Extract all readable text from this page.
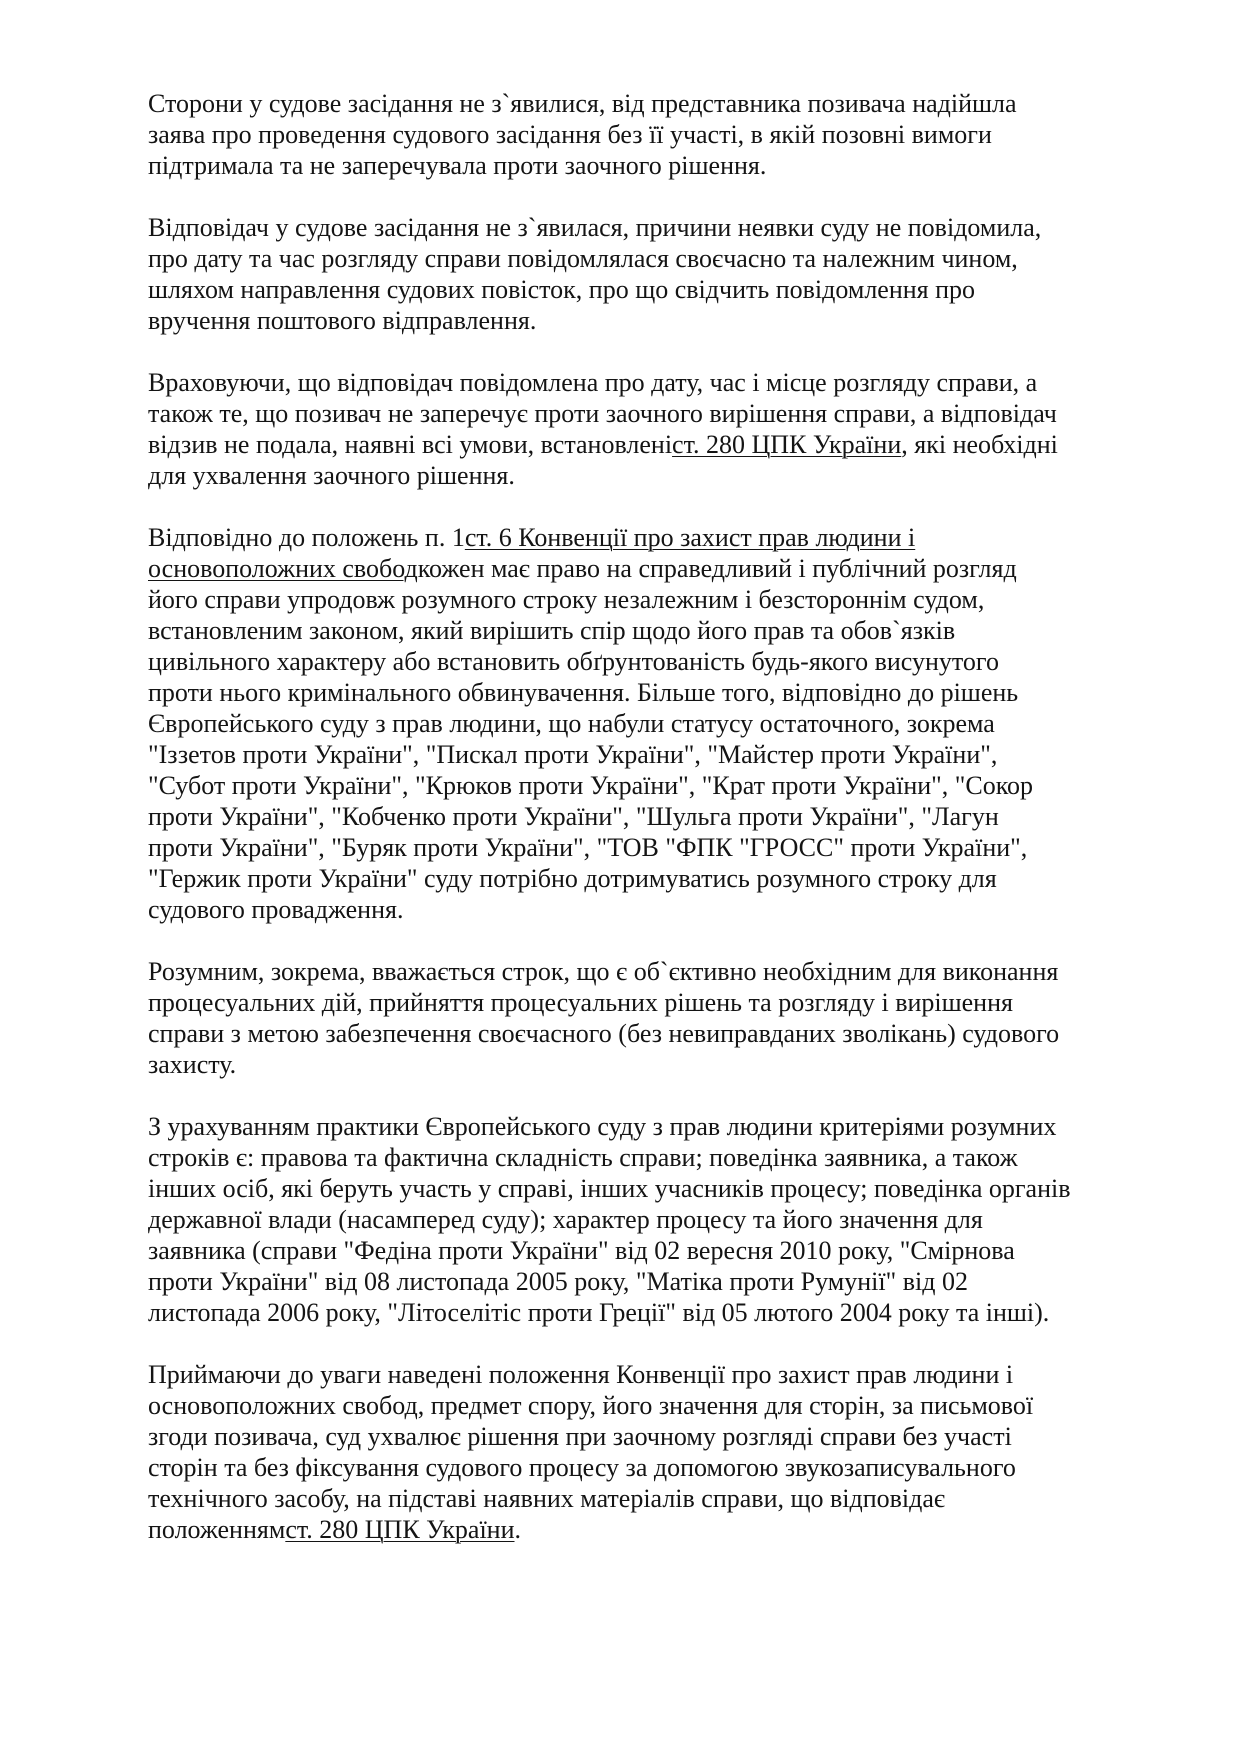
Сторони у судове засідання не з`явилися, від представника позивача надійшла
заява про проведення судового засідання без її участі, в якій позовні вимоги
підтримала та не заперечувала проти заочного рішення.
Відповідач у судове засідання не з`явилася, причини неявки суду не повідомила,
про дату та час розгляду справи повідомлялася своєчасно та належним чином,
шляхом направлення судових повісток, про що свідчить повідомлення про
вручення поштового відправлення.
Враховуючи, що відповідач повідомлена про дату, час і місце розгляду справи, а
також те, що позивач не заперечує проти заочного вирішення справи, а відповідач
відзив не подала, наявні всі умови, встановленіст. 280 ЦПК України, які необхідні
для ухвалення заочного рішення.
Відповідно до положень п. 1ст. 6 Конвенції про захист прав людини і
основоположних свободкожен має право на справедливий і публічний розгляд
його справи упродовж розумного строку незалежним і безстороннім судом,
встановленим законом, який вирішить спір щодо його прав та обов`язків
цивільного характеру або встановить обґрунтованість будь-якого висунутого
проти нього кримінального обвинувачення. Більше того, відповідно до рішень
Європейського суду з прав людини, що набули статусу остаточного, зокрема
"Іззетов проти України", "Пискал проти України", "Майстер проти України",
"Субот проти України", "Крюков проти України", "Крат проти України", "Сокор
проти України", "Кобченко проти України", "Шульга проти України", "Лагун
проти України", "Буряк проти України", "ТОВ "ФПК "ГРОСС" проти України",
"Гержик проти України" суду потрібно дотримуватись розумного строку для
судового провадження.
Розумним, зокрема, вважається строк, що є об`єктивно необхідним для виконання
процесуальних дій, прийняття процесуальних рішень та розгляду і вирішення
справи з метою забезпечення своєчасного (без невиправданих зволікань) судового
захисту.
З урахуванням практики Європейського суду з прав людини критеріями розумних
строків є: правова та фактична складність справи; поведінка заявника, а також
інших осіб, які беруть участь у справі, інших учасників процесу; поведінка органів
державної влади (насамперед суду); характер процесу та його значення для
заявника (справи "Федіна проти України" від 02 вересня 2010 року, "Смірнова
проти України" від 08 листопада 2005 року, "Матіка проти Румунії" від 02
листопада 2006 року, "Літоселітіс проти Греції" від 05 лютого 2004 року та інші).
Приймаючи до уваги наведені положення Конвенції про захист прав людини і
основоположних свобод, предмет спору, його значення для сторін, за письмової
згоди позивача, суд ухвалює рішення при заочному розгляді справи без участі
сторін та без фіксування судового процесу за допомогою звукозаписувального
технічного засобу, на підставі наявних матеріалів справи, що відповідає
положеннямст. 280 ЦПК України.
